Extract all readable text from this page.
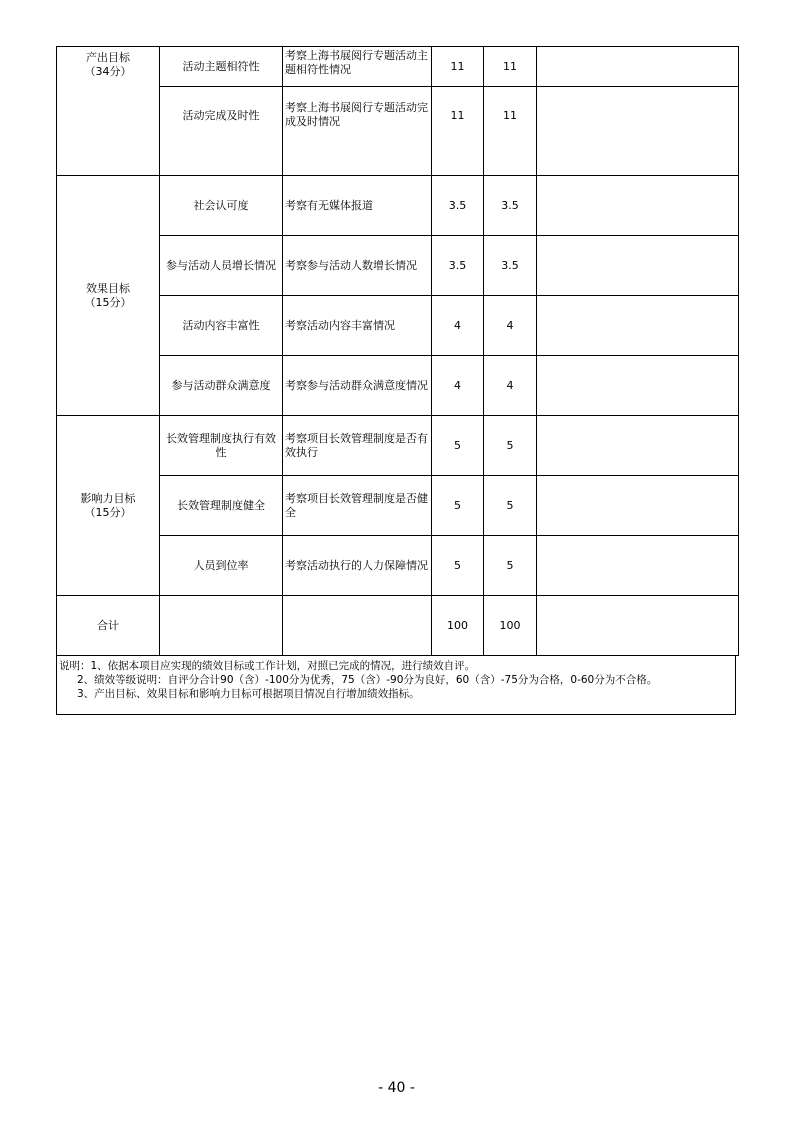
产出目标
（34分）	活动主题相符性	考察上海书展阅行专题活动主题相符性情况	11	11	
	活动完成及时性	考察上海书展阅行专题活动完成及时情况	11	11	

效果目标
（15分）	社会认可度	考察有无媒体报道	3.5	3.5	
	参与活动人员增长情况	考察参与活动人数增长情况	3.5	3.5	
	活动内容丰富性	考察活动内容丰富情况	4	4	
	参与活动群众满意度	考察参与活动群众满意度情况	4	4	

影响力目标
（15分）	长效管理制度执行有效性	考察项目长效管理制度是否有效执行	5	5	
	长效管理制度健全	考察项目长效管理制度是否健全	5	5	
	人员到位率	考察活动执行的人力保障情况	5	5	
合计			100	100	
说明：1、依据本项目应实现的绩效目标或工作计划，对照已完成的情况，进行绩效自评。
2、绩效等级说明：自评分合计90（含）-100分为优秀，75（含）-90分为良好，60（含）-75分为合格，0-60分为不合格。
3、产出目标、效果目标和影响力目标可根据项目情况自行增加绩效指标。
- 40 -
